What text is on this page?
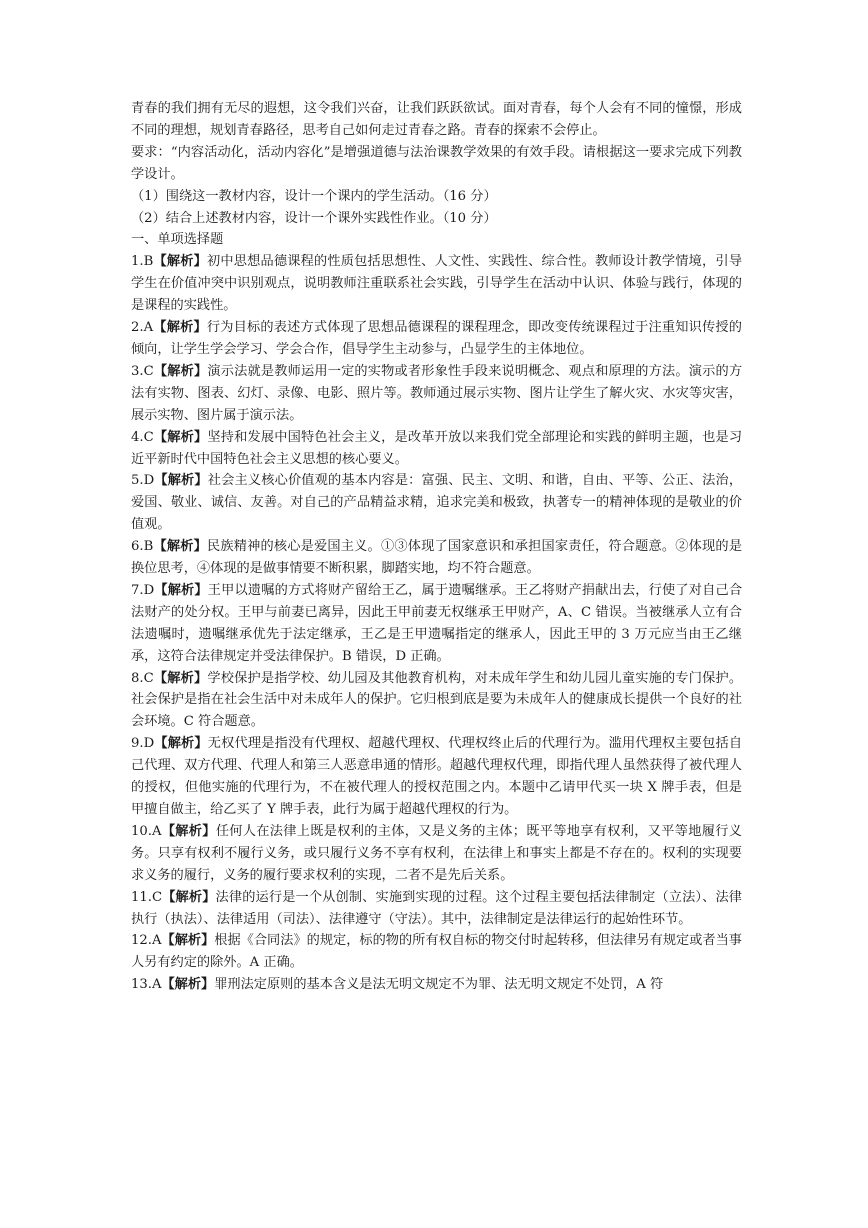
青春的我们拥有无尽的遐想，这令我们兴奋，让我们跃跃欲试。面对青春，每个人会有不同的憧憬，形成不同的理想，规划青春路径，思考自己如何走过青春之路。青春的探索不会停止。

要求：“内容活动化，活动内容化”是增强道德与法治课教学效果的有效手段。请根据这一要求完成下列教学设计。

（1）围绕这一教材内容，设计一个课内的学生活动。（16 分）

（2）结合上述教材内容，设计一个课外实践性作业。（10 分）

一、单项选择题

1.B【解析】初中思想品德课程的性质包括思想性、人文性、实践性、综合性。教师设计教学情境，引导学生在价值冲突中识别观点，说明教师注重联系社会实践，引导学生在活动中认识、体验与践行，体现的是课程的实践性。

2.A【解析】行为目标的表述方式体现了思想品德课程的课程理念，即改变传统课程过于注重知识传授的倾向，让学生学会学习、学会合作，倡导学生主动参与，凸显学生的主体地位。

3.C【解析】演示法就是教师运用一定的实物或者形象性手段来说明概念、观点和原理的方法。演示的方法有实物、图表、幻灯、录像、电影、照片等。教师通过展示实物、图片让学生了解火灾、水灾等灾害，展示实物、图片属于演示法。

4.C【解析】坚持和发展中国特色社会主义，是改革开放以来我们党全部理论和实践的鲜明主题，也是习近平新时代中国特色社会主义思想的核心要义。

5.D【解析】社会主义核心价值观的基本内容是：富强、民主、文明、和谐，自由、平等、公正、法治，爱国、敬业、诚信、友善。对自己的产品精益求精，追求完美和极致，执著专一的精神体现的是敬业的价值观。

6.B【解析】民族精神的核心是爱国主义。①③体现了国家意识和承担国家责任，符合题意。②体现的是换位思考，④体现的是做事情要不断积累，脚踏实地，均不符合题意。

7.D【解析】王甲以遗嘱的方式将财产留给王乙，属于遗嘱继承。王乙将财产捐献出去，行使了对自己合法财产的处分权。王甲与前妻已离异，因此王甲前妻无权继承王甲财产，A、C 错误。当被继承人立有合法遗嘱时，遗嘱继承优先于法定继承，王乙是王甲遗嘱指定的继承人，因此王甲的 3 万元应当由王乙继承，这符合法律规定并受法律保护。B 错误，D 正确。

8.C【解析】学校保护是指学校、幼儿园及其他教育机构，对未成年学生和幼儿园儿童实施的专门保护。社会保护是指在社会生活中对未成年人的保护。它归根到底是要为未成年人的健康成长提供一个良好的社会环境。C 符合题意。

9.D【解析】无权代理是指没有代理权、超越代理权、代理权终止后的代理行为。滥用代理权主要包括自己代理、双方代理、代理人和第三人恶意串通的情形。超越代理权代理，即指代理人虽然获得了被代理人的授权，但他实施的代理行为，不在被代理人的授权范围之内。本题中乙请甲代买一块 X 牌手表，但是甲擅自做主，给乙买了 Y 牌手表，此行为属于超越代理权的行为。

10.A【解析】任何人在法律上既是权利的主体，又是义务的主体；既平等地享有权利，又平等地履行义务。只享有权利不履行义务，或只履行义务不享有权利，在法律上和事实上都是不存在的。权利的实现要求义务的履行，义务的履行要求权利的实现，二者不是先后关系。

11.C【解析】法律的运行是一个从创制、实施到实现的过程。这个过程主要包括法律制定（立法）、法律执行（执法）、法律适用（司法）、法律遵守（守法）。其中，法律制定是法律运行的起始性环节。

12.A【解析】根据《合同法》的规定，标的物的所有权自标的物交付时起转移，但法律另有规定或者当事人另有约定的除外。A 正确。

13.A【解析】罪刑法定原则的基本含义是法无明文规定不为罪、法无明文规定不处罚，A 符
